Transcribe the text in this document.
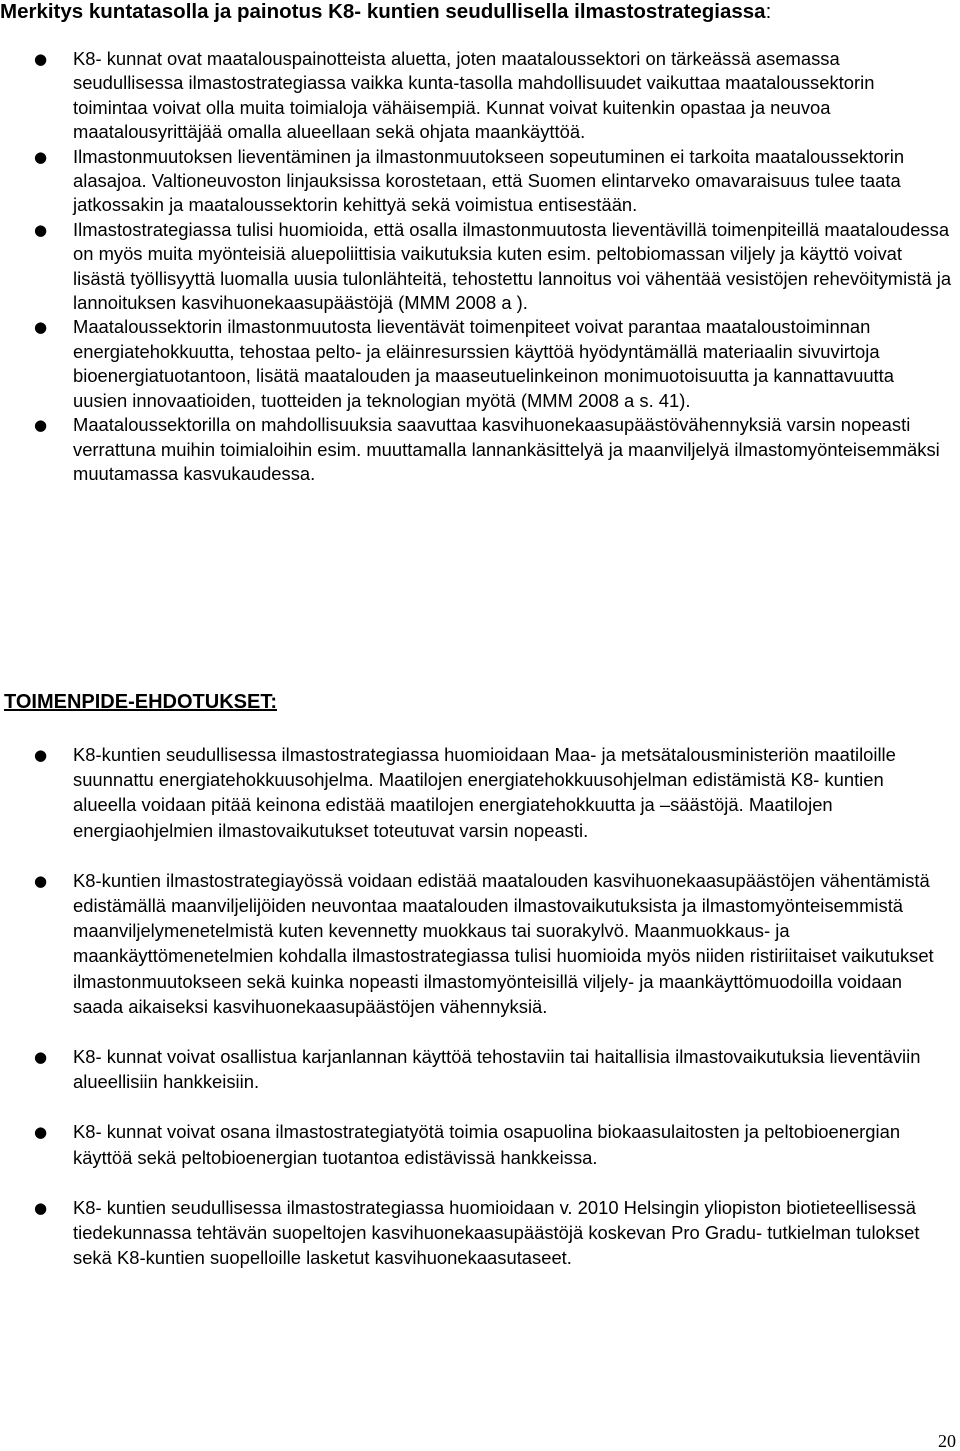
Merkitys kuntatasolla ja painotus K8- kuntien seudullisella ilmastostrategiassa:
● K8- kunnat ovat maatalouspainotteista aluetta, joten maataloussektori on tärkeässä asemassa seudullisessa ilmastostrategiassa vaikka kunta-tasolla mahdollisuudet vaikuttaa maataloussektorin toimintaa voivat olla muita toimialoja vähäisempiä. Kunnat voivat kuitenkin opastaa ja neuvoa maatalousyrittäjää omalla alueellaan sekä ohjata maankäyttöä.
● Ilmastonmuutoksen lieventäminen ja ilmastonmuutokseen sopeutuminen ei tarkoita maataloussektorin alasajoa. Valtioneuvoston linjauksissa korostetaan, että Suomen elintarveko omavaraisuus tulee taata jatkossakin ja maataloussektorin kehittyä sekä voimistua entisestään.
● Ilmastostrategiassa tulisi huomioida, että osalla ilmastonmuutosta lieventävillä toimenpiteillä maataloudessa on myös muita myönteisiä aluepoliittisia vaikutuksia kuten esim. peltobiomassan viljely ja käyttö voivat lisästä työllisyyttä luomalla uusia tulonlähteitä, tehostettu lannoitus voi vähentää vesistöjen rehevöitymistä ja lannoituksen kasvihuonekaasupäästöjä (MMM 2008 a ).
● Maataloussektorin ilmastonmuutosta lieventävät toimenpiteet voivat parantaa maataloustoiminnan energiatehokkuutta, tehostaa pelto- ja eläinresurssien käyttöä hyödyntämällä materiaalin sivuvirtoja bioenergiatuotantoon, lisätä maatalouden ja maaseutuelinkeinon monimuotoisuutta ja kannattavuutta uusien innovaatioiden, tuotteiden ja teknologian myötä (MMM 2008 a s. 41).
● Maataloussektorilla on mahdollisuuksia saavuttaa kasvihuonekaasupäästövähennyksiä varsin nopeasti verrattuna muihin toimialoihin esim. muuttamalla lannankäsittelyä ja maanviljelyä ilmastomyönteisemmäksi muutamassa kasvukaudessa.
TOIMENPIDE-EHDOTUKSET:
● K8-kuntien seudullisessa ilmastostrategiassa huomioidaan Maa- ja metsätalousministeriön maatiloille suunnattu energiatehokkuusohjelma. Maatilojen energiatehokkuusohjelman edistämistä K8- kuntien alueella voidaan pitää keinona edistää maatilojen energiatehokkuutta ja –säästöjä. Maatilojen energiaohjelmien ilmastovaikutukset toteutuvat varsin nopeasti.
● K8-kuntien ilmastostrategiayössä voidaan edistää maatalouden kasvihuonekaasupäästöjen vähentämistä edistämällä maanviljelijöiden neuvontaa maatalouden ilmastovaikutuksista ja ilmastomyönteisemmistä maanviljelymenetelmistä kuten kevennetty muokkaus tai suorakylvö. Maanmuokkaus- ja maankäyttömenetelmien kohdalla ilmastostrategiassa tulisi huomioida myös niiden ristiriitaiset vaikutukset ilmastonmuutokseen sekä kuinka nopeasti ilmastomyönteisillä viljely- ja maankäyttömuodoilla voidaan saada aikaiseksi kasvihuonekaasupäästöjen vähennyksiä.
● K8- kunnat voivat osallistua karjanlannan käyttöä tehostaviin tai haitallisia ilmastovaikutuksia lieventäviin alueellisiin hankkeisiin.
● K8- kunnat voivat osana ilmastostrategiatyötä toimia osapuolina biokaasulaitosten ja peltobioenergian käyttöä sekä peltobioenergian tuotantoa edistävissä hankkeissa.
● K8- kuntien seudullisessa ilmastostrategiassa huomioidaan v. 2010 Helsingin yliopiston biotieteellisessä tiedekunnassa tehtävän suopeltojen kasvihuonekaasupäästöjä koskevan Pro Gradu- tutkielman tulokset sekä K8-kuntien suopelloille lasketut kasvihuonekaasutaseet.
20
